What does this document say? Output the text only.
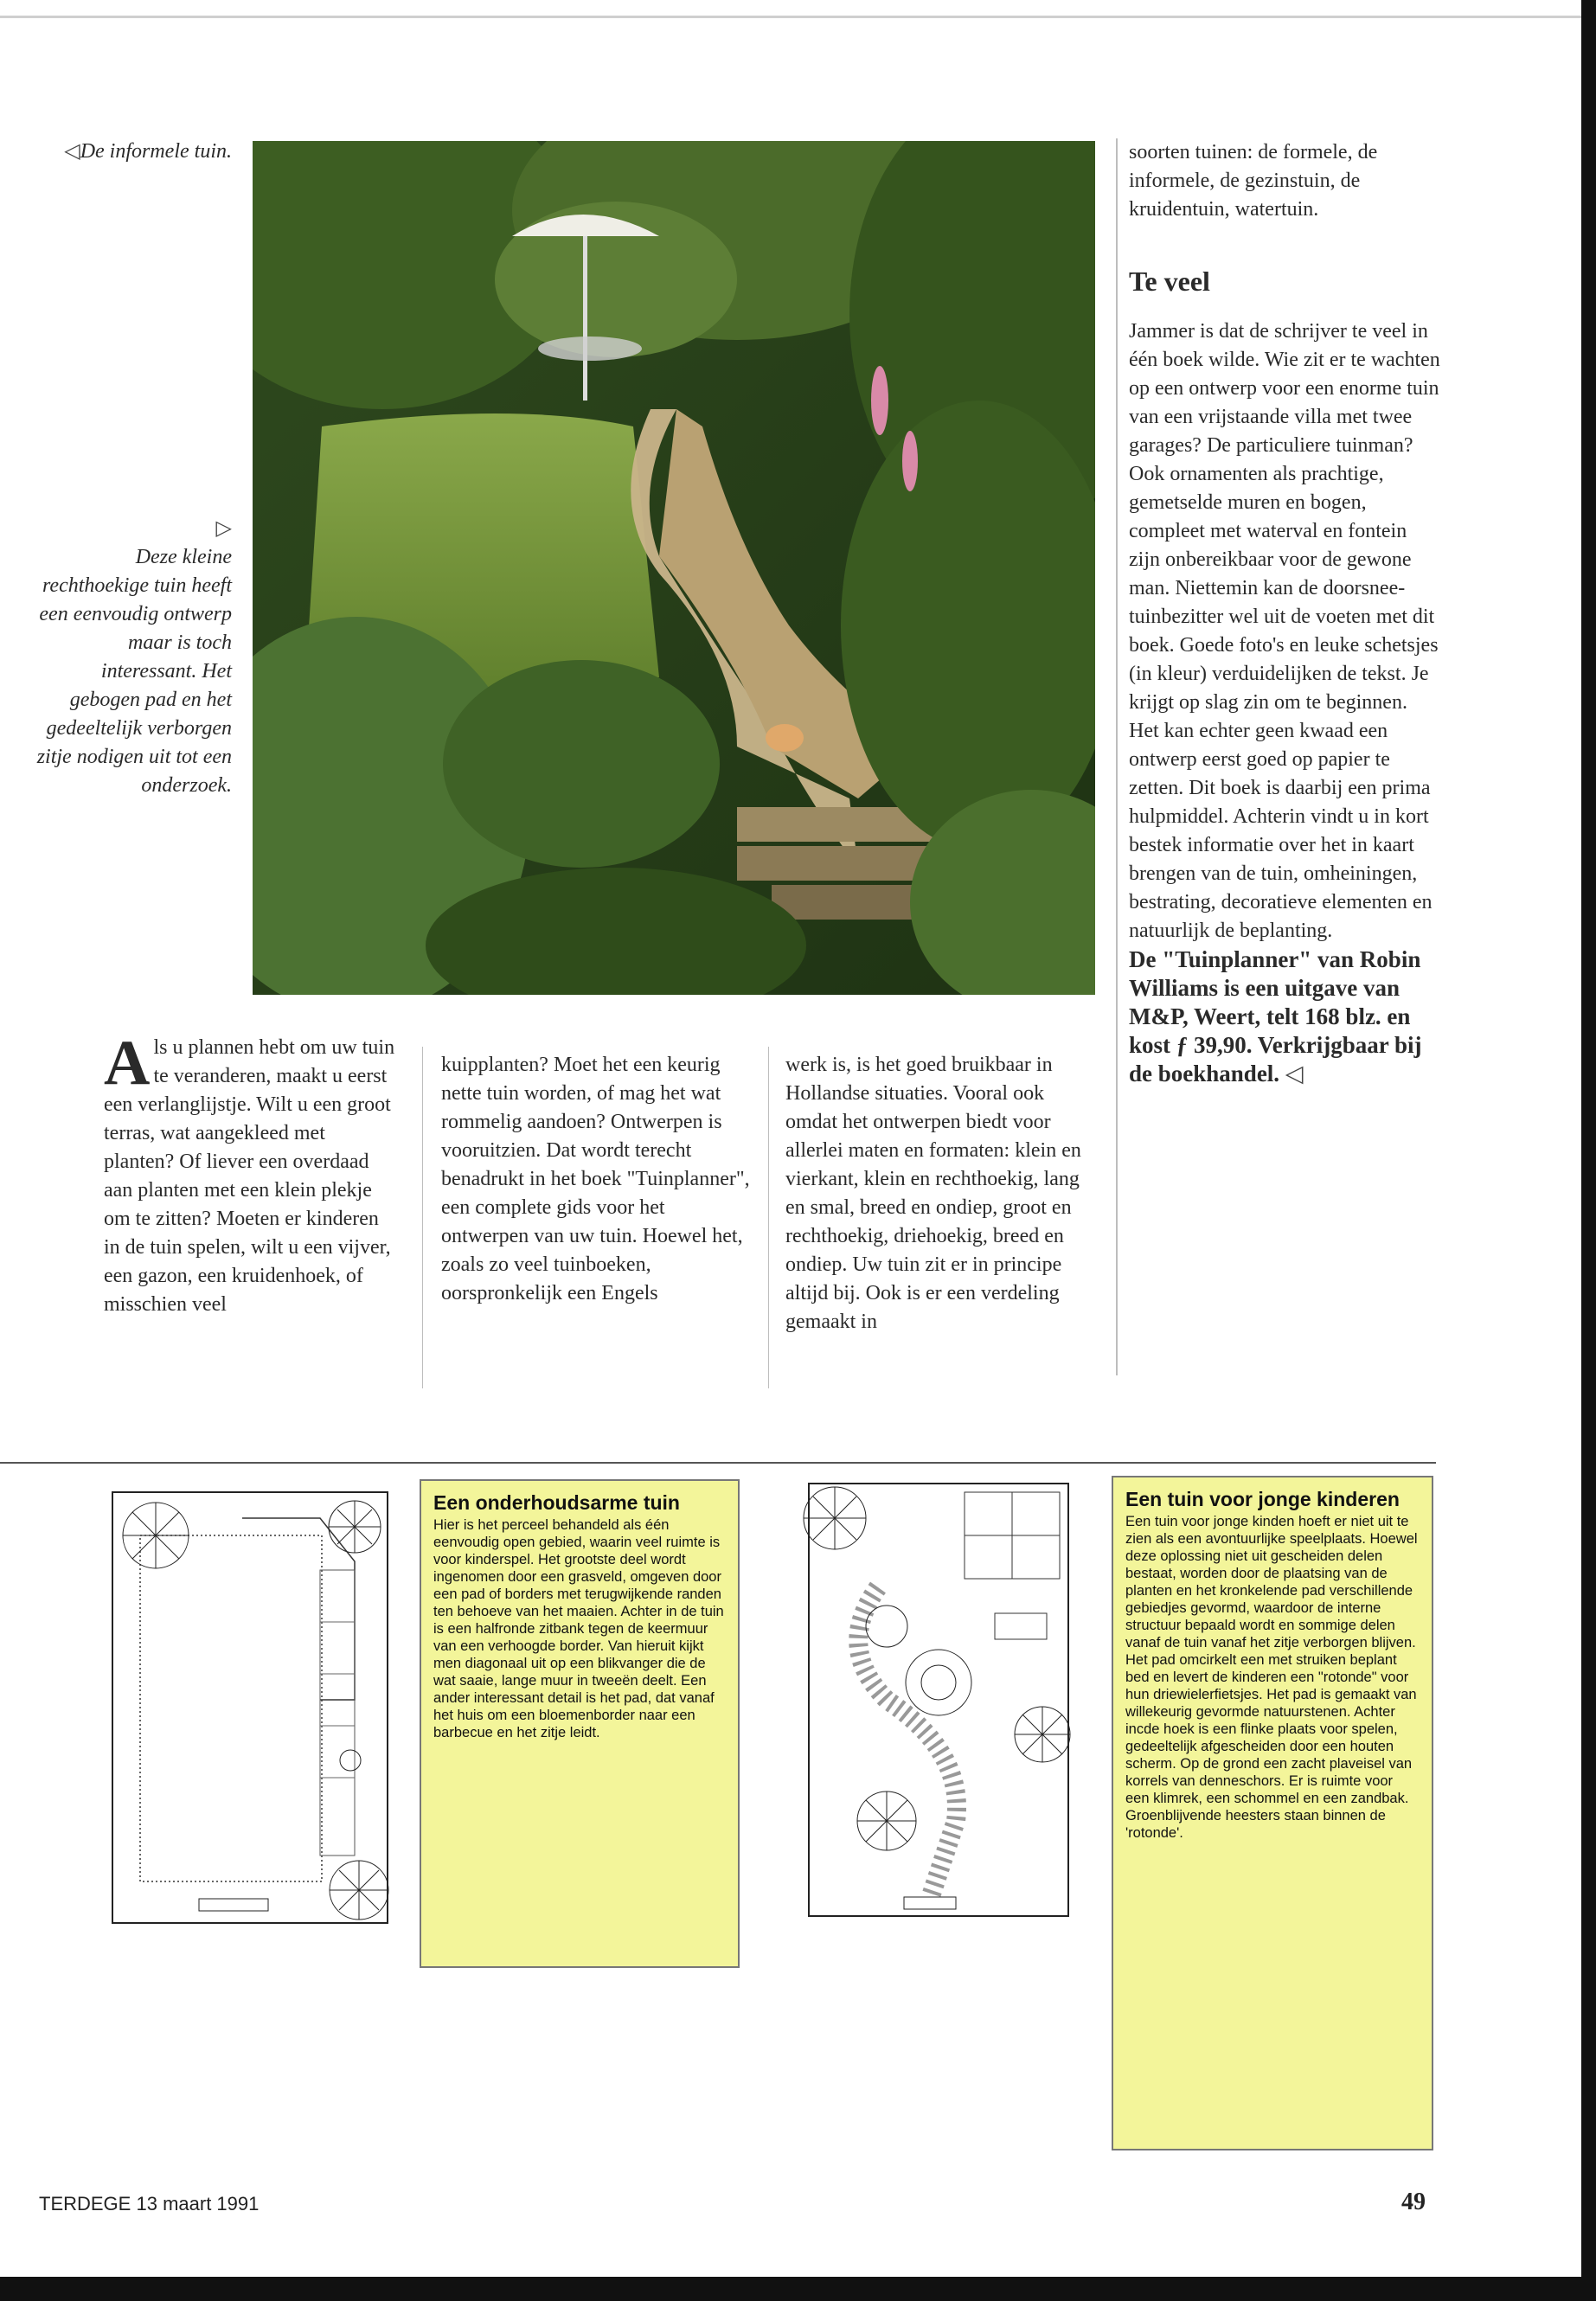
◁De informele tuin.
▷
Deze kleine rechthoekige tuin heeft een eenvoudig ontwerp maar is toch interessant. Het gebogen pad en het gedeeltelijk verborgen zitje nodigen uit tot een onderzoek.

Als u plannen hebt om uw tuin te veranderen, maakt u eerst een verlanglijstje. Wilt u een groot terras, wat aangekleed met planten? Of liever een overdaad aan planten met een klein plekje om te zitten? Moeten er kinderen in de tuin spelen, wilt u een vijver, een gazon, een kruidenhoek, of misschien veel

kuipplanten? Moet het een keurig nette tuin worden, of mag het wat rommelig aandoen? Ontwerpen is vooruitzien. Dat wordt terecht benadrukt in het boek "Tuinplanner", een complete gids voor het ontwerpen van uw tuin. Hoewel het, zoals zo veel tuinboeken, oorspronkelijk een Engels

werk is, is het goed bruikbaar in Hollandse situaties. Vooral ook omdat het ontwerpen biedt voor allerlei maten en formaten: klein en vierkant, klein en rechthoekig, lang en smal, breed en ondiep, groot en rechthoekig, driehoekig, breed en ondiep. Uw tuin zit er in principe altijd bij. Ook is er een verdeling gemaakt in

soorten tuinen: de formele, de informele, de gezinstuin, de kruidentuin, watertuin.

Te veel

Jammer is dat de schrijver te veel in één boek wilde. Wie zit er te wachten op een ontwerp voor een enorme tuin van een vrijstaande villa met twee garages? De particuliere tuinman? Ook ornamenten als prachtige, gemetselde muren en bogen, compleet met waterval en fontein zijn onbereikbaar voor de gewone man. Niettemin kan de doorsnee-tuinbezitter wel uit de voeten met dit boek. Goede foto's en leuke schetsjes (in kleur) verduidelijken de tekst. Je krijgt op slag zin om te beginnen. Het kan echter geen kwaad een ontwerp eerst goed op papier te zetten. Dit boek is daarbij een prima hulpmiddel. Achterin vindt u in kort bestek informatie over het in kaart brengen van de tuin, omheiningen, bestrating, decoratieve elementen en natuurlijk de beplanting.

De "Tuinplanner" van Robin Williams is een uitgave van M&P, Weert, telt 168 blz. en kost ƒ 39,90. Verkrijgbaar bij de boekhandel. ◁

Een onderhoudsarme tuin

Hier is het perceel behandeld als één eenvoudig open gebied, waarin veel ruimte is voor kinderspel. Het grootste deel wordt ingenomen door een grasveld, omgeven door een pad of borders met terugwijkende randen ten behoeve van het maaien. Achter in de tuin is een halfronde zitbank tegen de keermuur van een verhoogde border. Van hieruit kijkt men diagonaal uit op een blikvanger die de wat saaie, lange muur in tweeën deelt. Een ander interessant detail is het pad, dat vanaf het huis om een bloemenborder naar een barbecue en het zitje leidt.

Een tuin voor jonge kinderen

Een tuin voor jonge kinden hoeft er niet uit te zien als een avontuurlijke speelplaats. Hoewel deze oplossing niet uit gescheiden delen bestaat, worden door de plaatsing van de planten en het kronkelende pad verschillende gebiedjes gevormd, waardoor de interne structuur bepaald wordt en sommige delen vanaf de tuin vanaf het zitje verborgen blijven. Het pad omcirkelt een met struiken beplant bed en levert de kinderen een "rotonde" voor hun driewielerfietsjes. Het pad is gemaakt van willekeurig gevormde natuurstenen. Achter incde hoek is een flinke plaats voor spelen, gedeeltelijk afgescheiden door een houten scherm. Op de grond een zacht plaveisel van korrels van denneschors. Er is ruimte voor een klimrek, een schommel en een zandbak. Groenblijvende heesters staan binnen de 'rotonde'.

TERDEGE 13 maart 1991	49
